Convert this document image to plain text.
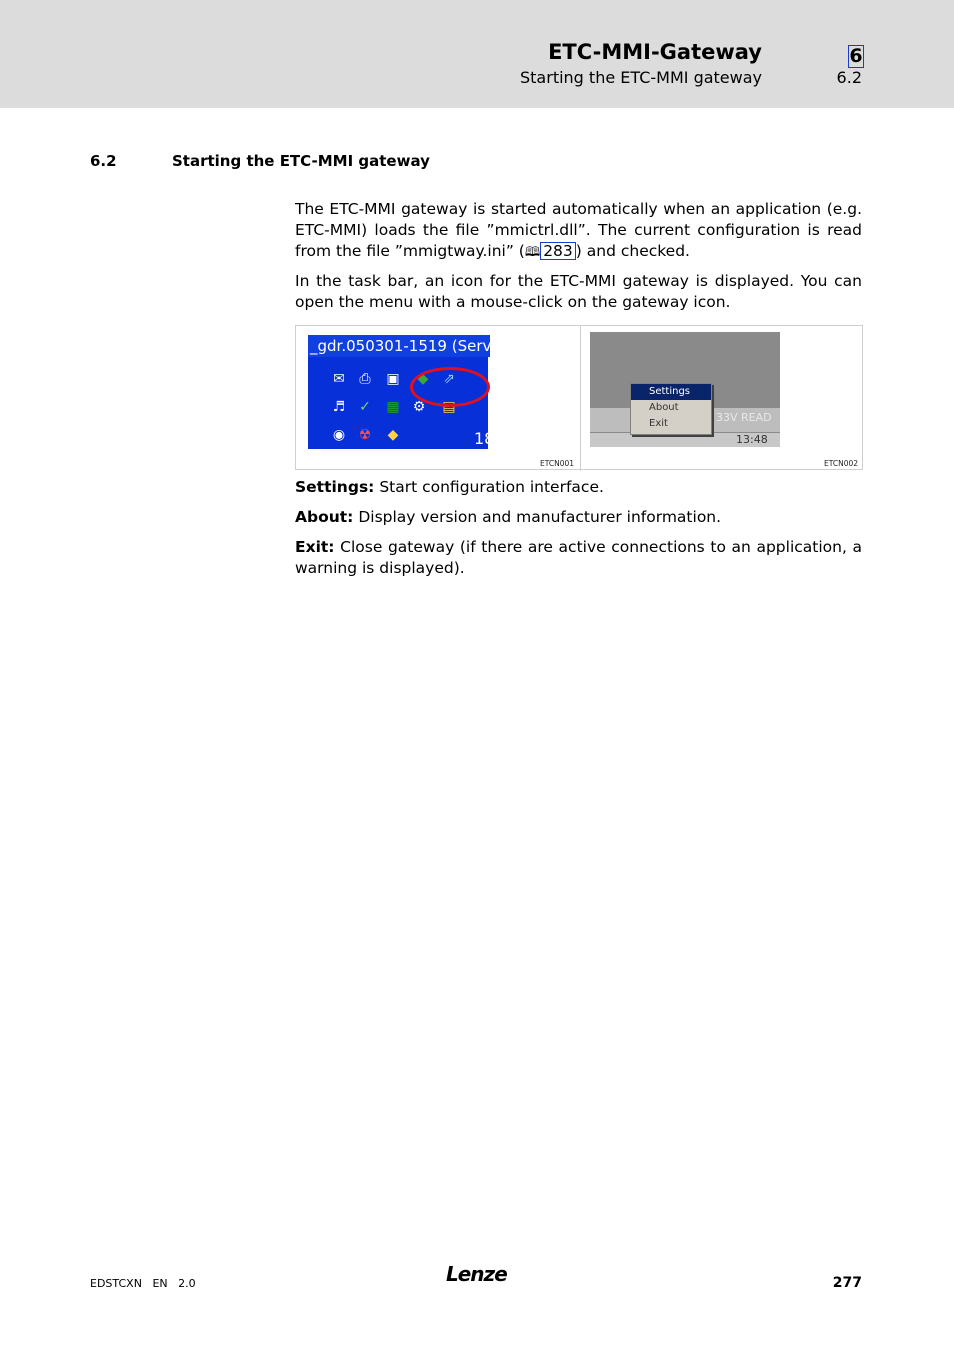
ETC-MMI-Gateway
Starting the ETC-MMI gateway
6
6.2
6.2	Starting the ETC-MMI gateway

The ETC-MMI gateway is started automatically when an application (e.g. ETC-MMI) loads the file ”mmictrl.dll”. The current configuration is read from the file ”mmigtway.ini” (🕮 283 ) and checked.

In the task bar, an icon for the ETC-MMI gateway is displayed. You can open the menu with a mouse-click on the gateway icon.

_gdr.050301-1519 (Serv
✉ ⎙ ▣ ◆ ⇗
♬ ✓ ▦ ⚙ ▤
◉ ☢ ◆	18
ETCN001
33V READ
Settings
About
Exit
13:48
ETCN002

Settings: Start configuration interface.

About: Display version and manufacturer information.

Exit: Close gateway (if there are active connections to an application, a warning is displayed).

EDSTCXN EN 2.0	Lenze	277
